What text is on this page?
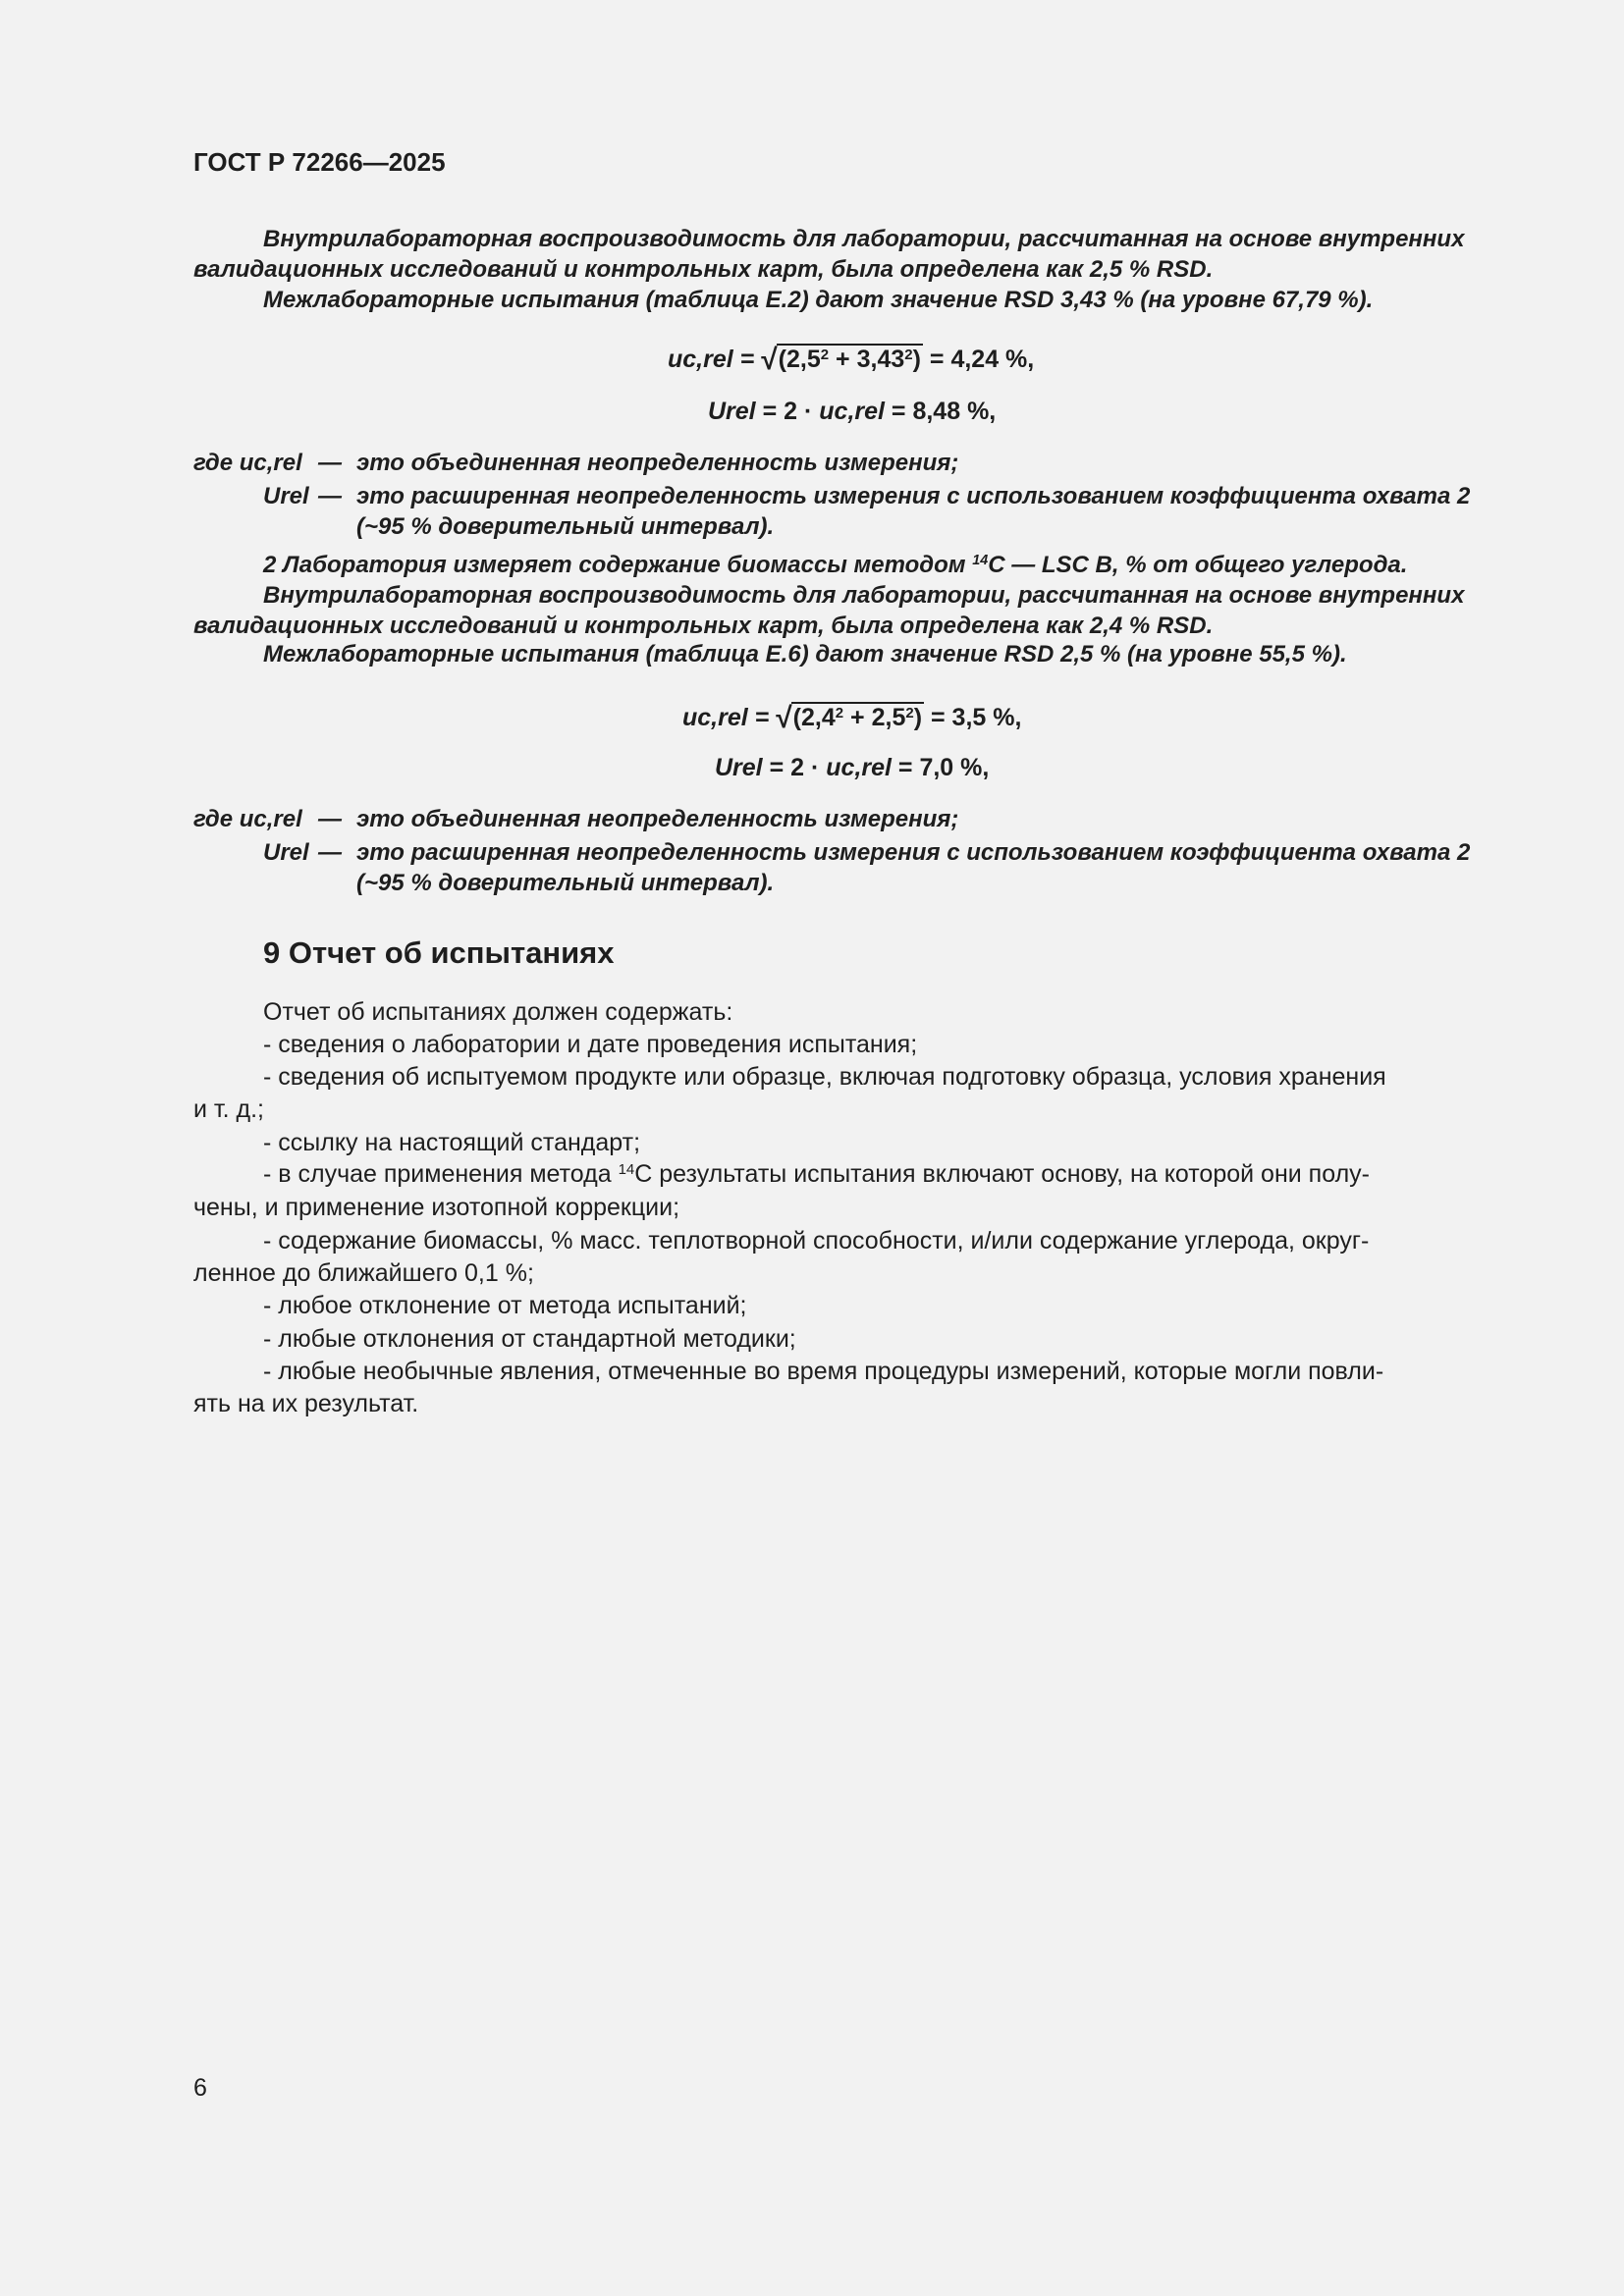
ГОСТ Р 72266—2025
Внутрилабораторная воспроизводимость для лаборатории, рассчитанная на основе внутренних
валидационных исследований и контрольных карт, была определена как 2,5 % RSD.
Межлабораторные испытания (таблица Е.2) дают значение RSD 3,43 % (на уровне 67,79 %).
$uc,rel = √(2,5^2 + 3,43^2) = 4,24$ %,
Urel = 2 · uc,rel = 8,48 %,
где uc,rel — это объединенная неопределенность измерения;
Urel — это расширенная неопределенность измерения с использованием коэффициента охвата 2
(~95 % доверительный интервал).
2 Лаборатория измеряет содержание биомассы методом $^{14}$C — LSC B, % от общего углерода.
Внутрилабораторная воспроизводимость для лаборатории, рассчитанная на основе внутренних
валидационных исследований и контрольных карт, была определена как 2,4 % RSD.
Межлабораторные испытания (таблица Е.6) дают значение RSD 2,5 % (на уровне 55,5 %).
$uc,rel = √(2,4^2 + 2,5^2) = 3,5$ %,
Urel = 2 · uc,rel = 7,0 %,
где uc,rel — это объединенная неопределенность измерения;
Urel — это расширенная неопределенность измерения с использованием коэффициента охвата 2
(~95 % доверительный интервал).
9 Отчет об испытаниях
Отчет об испытаниях должен содержать:
- сведения о лаборатории и дате проведения испытания;
- сведения об испытуемом продукте или образце, включая подготовку образца, условия хранения
и т. д.;
- ссылку на настоящий стандарт;
- в случае применения метода $^{14}$С результаты испытания включают основу, на которой они полу-
чены, и применение изотопной коррекции;
- содержание биомассы, % масс. теплотворной способности, и/или содержание углерода, округ-
ленное до ближайшего 0,1 %;
- любое отклонение от метода испытаний;
- любые отклонения от стандартной методики;
- любые необычные явления, отмеченные во время процедуры измерений, которые могли повли-
ять на их результат.
6
